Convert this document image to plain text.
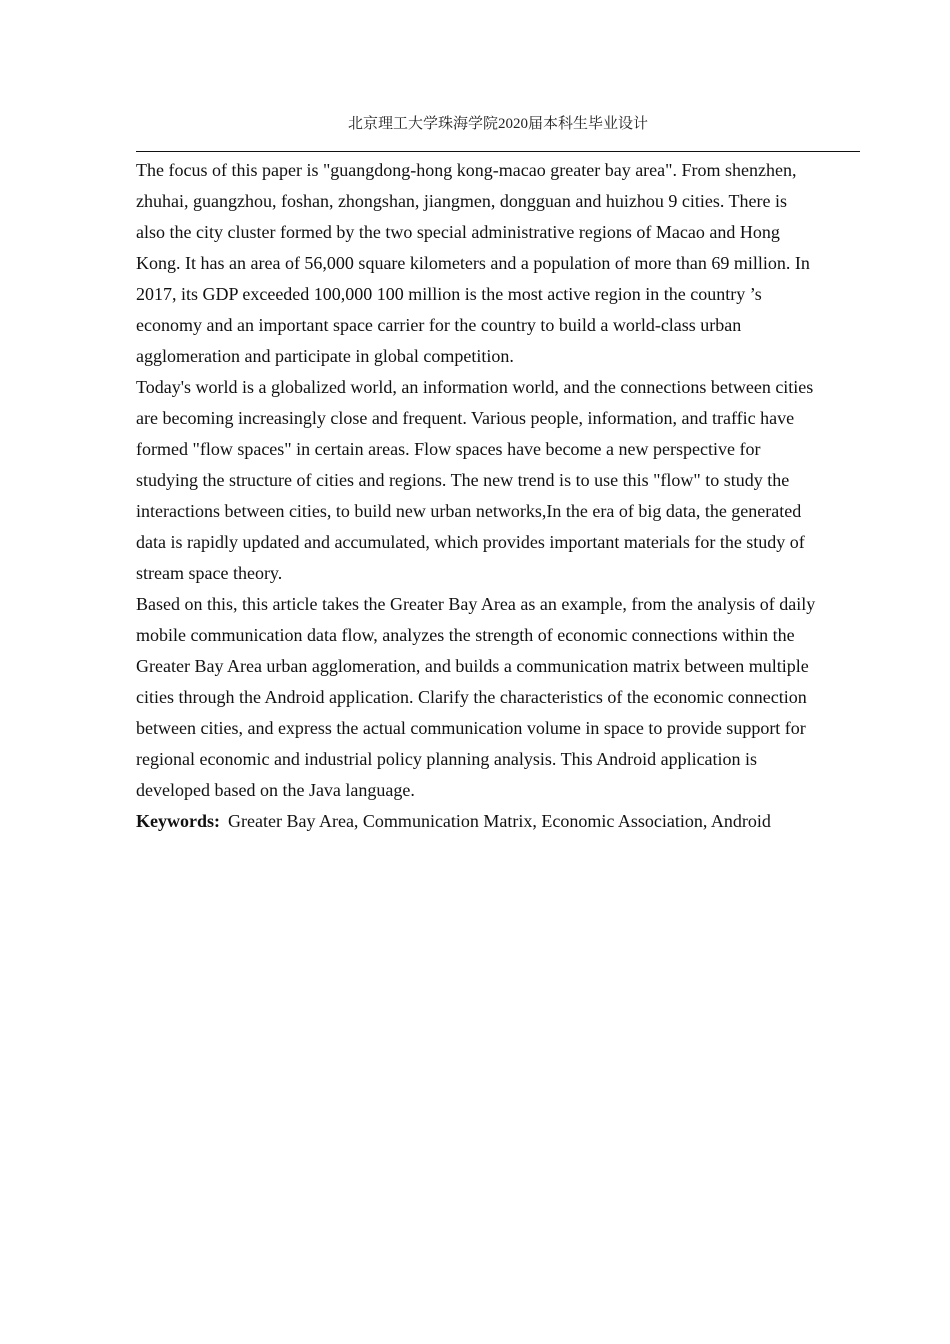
北京理工大学珠海学院2020届本科生毕业设计

The focus of this paper is "guangdong-hong kong-macao greater bay area". From shenzhen,
zhuhai, guangzhou, foshan, zhongshan, jiangmen, dongguan and huizhou 9 cities. There is
also the city cluster formed by the two special administrative regions of Macao and Hong
Kong. It has an area of 56,000 square kilometers and a population of more than 69 million. In
2017, its GDP exceeded 100,000 100 million is the most active region in the country ’s
economy and an important space carrier for the country to build a world-class urban
agglomeration and participate in global competition.

Today's world is a globalized world, an information world, and the connections between cities
are becoming increasingly close and frequent. Various people, information, and traffic have
formed "flow spaces" in certain areas. Flow spaces have become a new perspective for
studying the structure of cities and regions. The new trend is to use this "flow" to study the
interactions between cities, to build new urban networks,In the era of big data, the generated
data is rapidly updated and accumulated, which provides important materials for the study of
stream space theory.

Based on this, this article takes the Greater Bay Area as an example, from the analysis of daily
mobile communication data flow, analyzes the strength of economic connections within the
Greater Bay Area urban agglomeration, and builds a communication matrix between multiple
cities through the Android application. Clarify the characteristics of the economic connection
between cities, and express the actual communication volume in space to provide support for
regional economic and industrial policy planning analysis. This Android application is
developed based on the Java language.

Keywords: Greater Bay Area, Communication Matrix, Economic Association, Android
